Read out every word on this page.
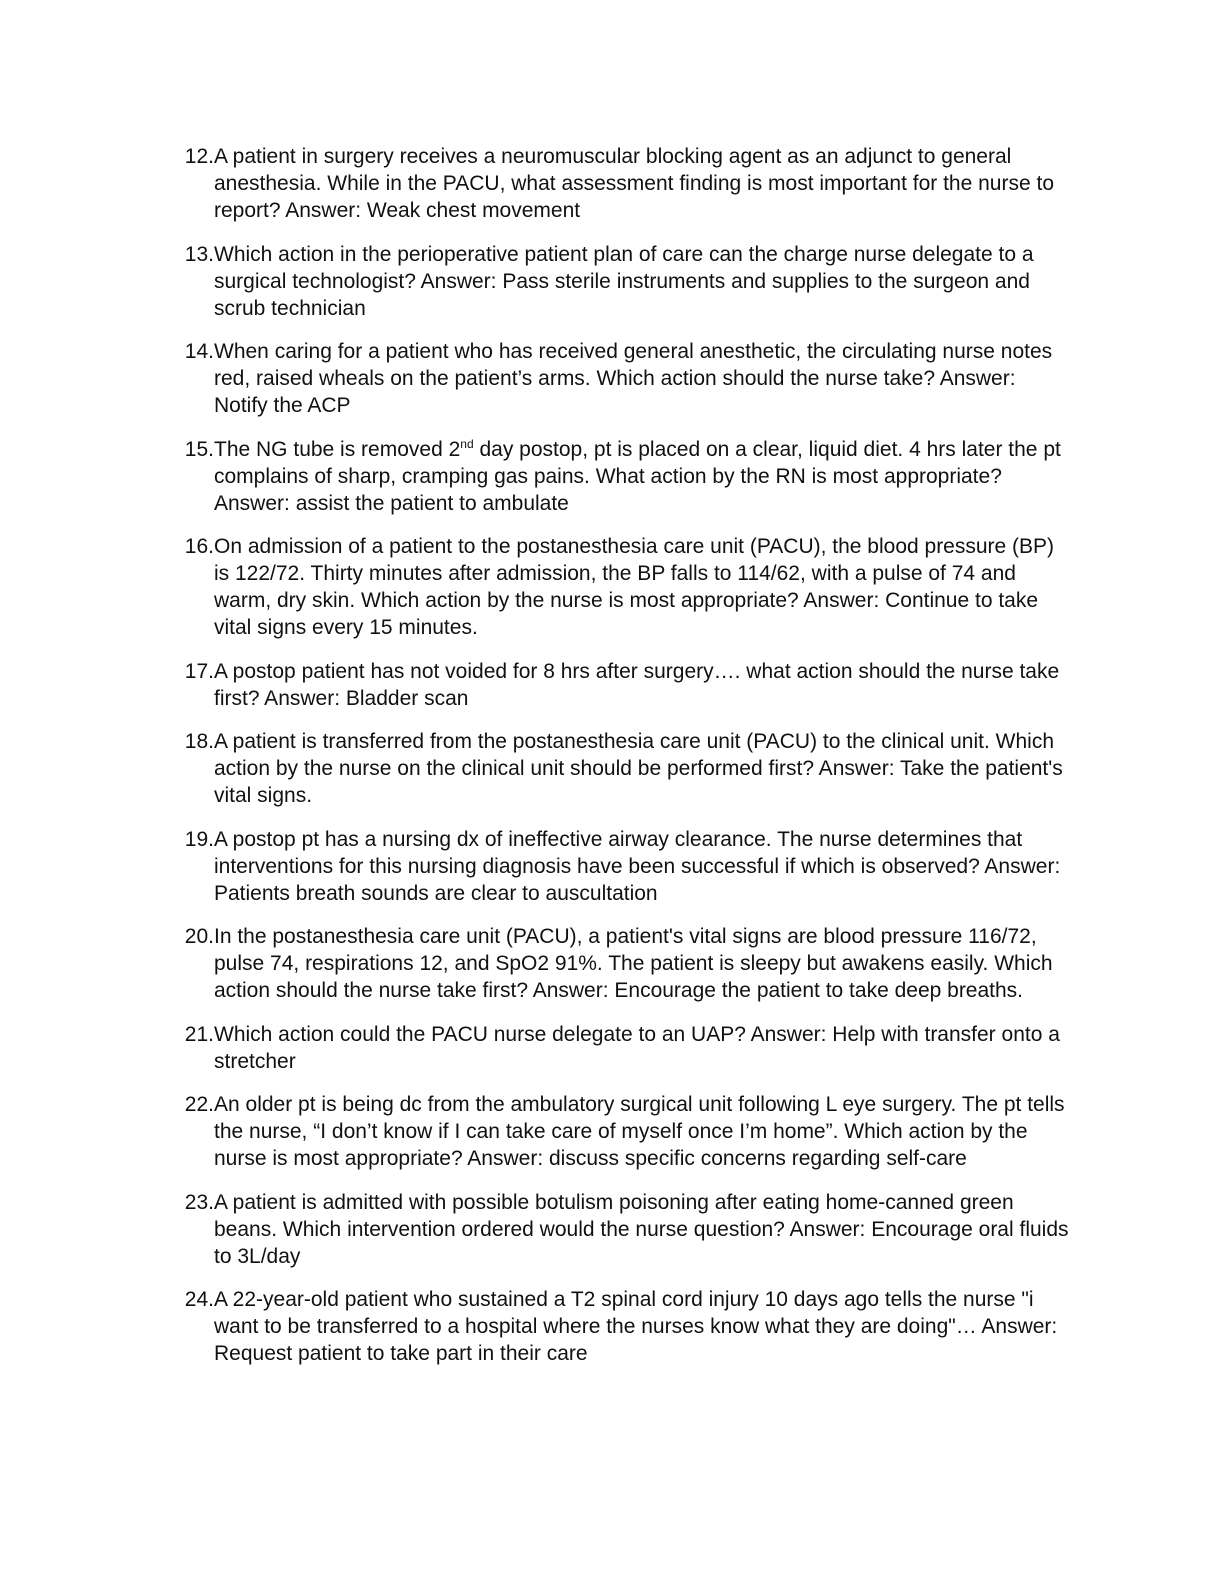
12. A patient in surgery receives a neuromuscular blocking agent as an adjunct to general anesthesia. While in the PACU, what assessment finding is most important for the nurse to report? Answer: Weak chest movement
13. Which action in the perioperative patient plan of care can the charge nurse delegate to a surgical technologist? Answer: Pass sterile instruments and supplies to the surgeon and scrub technician
14. When caring for a patient who has received general anesthetic, the circulating nurse notes red, raised wheals on the patient’s arms. Which action should the nurse take? Answer: Notify the ACP
15. The NG tube is removed 2nd day postop, pt is placed on a clear, liquid diet. 4 hrs later the pt complains of sharp, cramping gas pains. What action by the RN is most appropriate? Answer: assist the patient to ambulate
16. On admission of a patient to the postanesthesia care unit (PACU), the blood pressure (BP) is 122/72. Thirty minutes after admission, the BP falls to 114/62, with a pulse of 74 and warm, dry skin. Which action by the nurse is most appropriate? Answer: Continue to take vital signs every 15 minutes.
17. A postop patient has not voided for 8 hrs after surgery…. what action should the nurse take first? Answer: Bladder scan
18. A patient is transferred from the postanesthesia care unit (PACU) to the clinical unit. Which action by the nurse on the clinical unit should be performed first? Answer: Take the patient's vital signs.
19. A postop pt has a nursing dx of ineffective airway clearance. The nurse determines that interventions for this nursing diagnosis have been successful if which is observed? Answer: Patients breath sounds are clear to auscultation
20. In the postanesthesia care unit (PACU), a patient's vital signs are blood pressure 116/72, pulse 74, respirations 12, and SpO2 91%. The patient is sleepy but awakens easily. Which action should the nurse take first? Answer: Encourage the patient to take deep breaths.
21. Which action could the PACU nurse delegate to an UAP? Answer: Help with transfer onto a stretcher
22. An older pt is being dc from the ambulatory surgical unit following L eye surgery. The pt tells the nurse, “I don’t know if I can take care of myself once I’m home”. Which action by the nurse is most appropriate? Answer: discuss specific concerns regarding self-care
23. A patient is admitted with possible botulism poisoning after eating home-canned green beans. Which intervention ordered would the nurse question? Answer: Encourage oral fluids to 3L/day
24. A 22-year-old patient who sustained a T2 spinal cord injury 10 days ago tells the nurse "i want to be transferred to a hospital where the nurses know what they are doing"… Answer: Request patient to take part in their care
